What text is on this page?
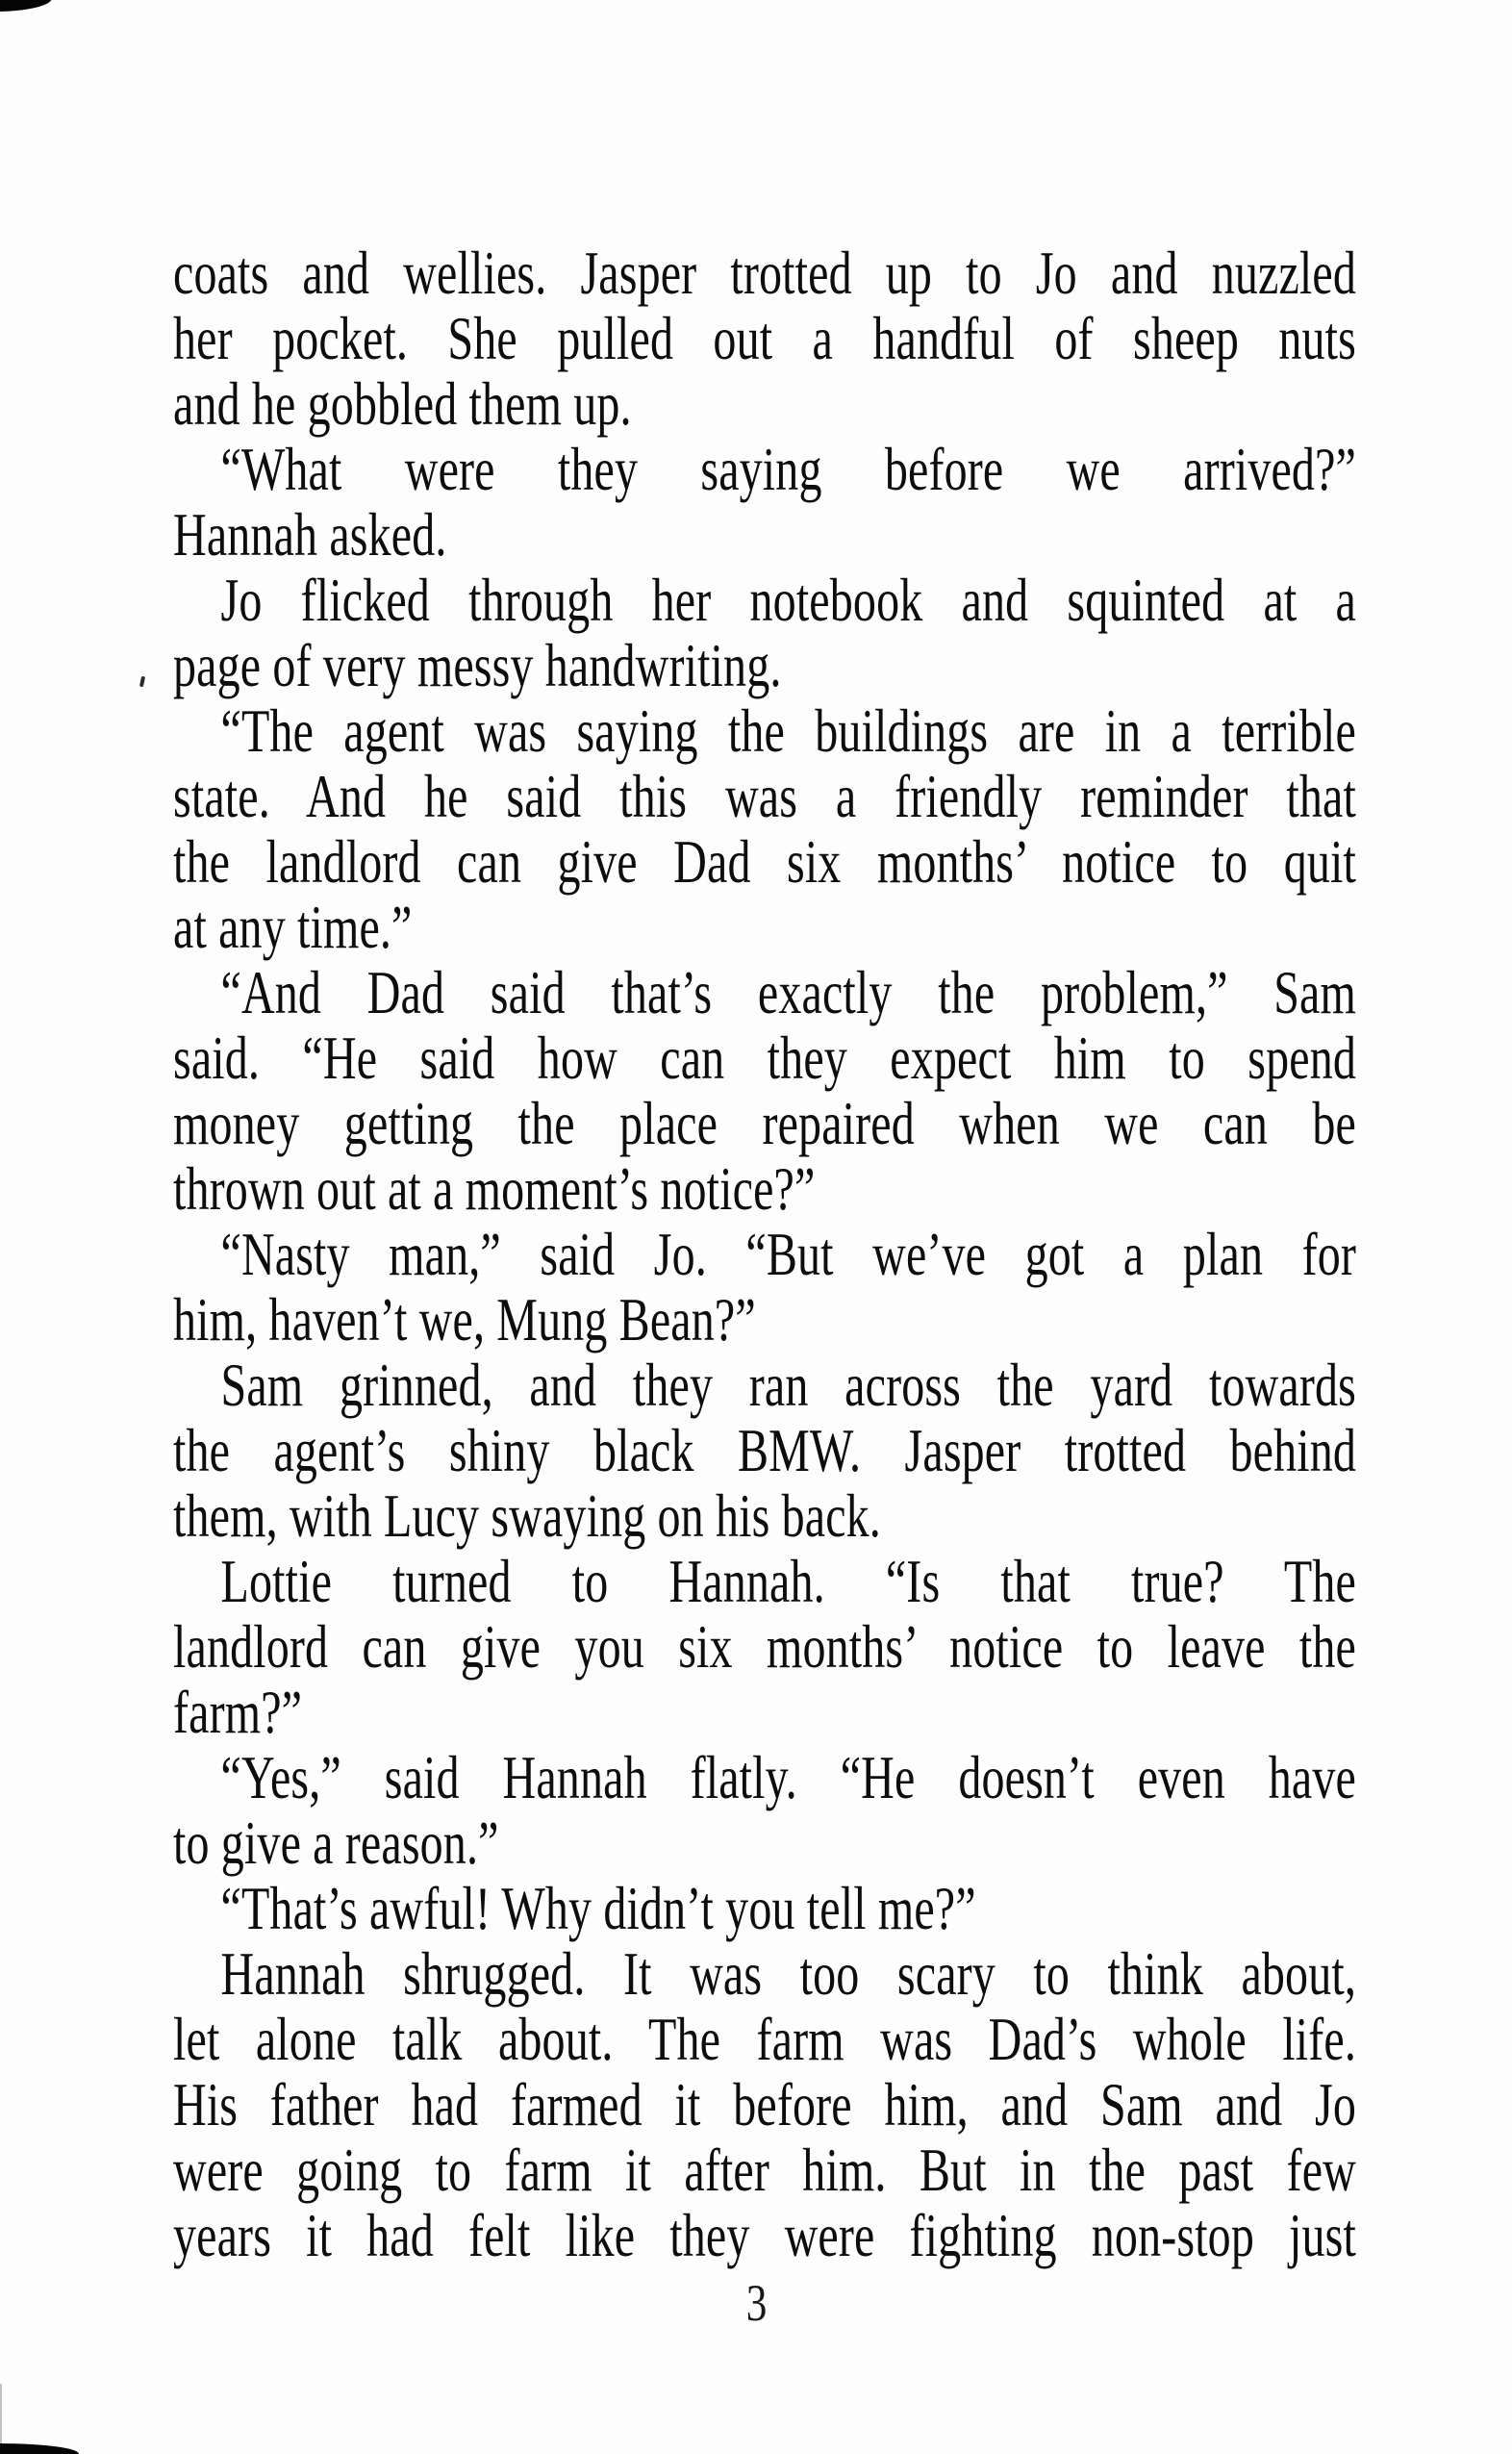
coats and wellies. Jasper trotted up to Jo and nuzzled
her pocket. She pulled out a handful of sheep nuts
and he gobbled them up.
“What were they saying before we arrived?”
Hannah asked.
Jo flicked through her notebook and squinted at a
page of very messy handwriting.
“The agent was saying the buildings are in a terrible
state. And he said this was a friendly reminder that
the landlord can give Dad six months’ notice to quit
at any time.”
“And Dad said that’s exactly the problem,” Sam
said. “He said how can they expect him to spend
money getting the place repaired when we can be
thrown out at a moment’s notice?”
“Nasty man,” said Jo. “But we’ve got a plan for
him, haven’t we, Mung Bean?”
Sam grinned, and they ran across the yard towards
the agent’s shiny black BMW. Jasper trotted behind
them, with Lucy swaying on his back.
Lottie turned to Hannah. “Is that true? The
landlord can give you six months’ notice to leave the
farm?”
“Yes,” said Hannah flatly. “He doesn’t even have
to give a reason.”
“That’s awful! Why didn’t you tell me?”
Hannah shrugged. It was too scary to think about,
let alone talk about. The farm was Dad’s whole life.
His father had farmed it before him, and Sam and Jo
were going to farm it after him. But in the past few
years it had felt like they were fighting non-stop just
3
